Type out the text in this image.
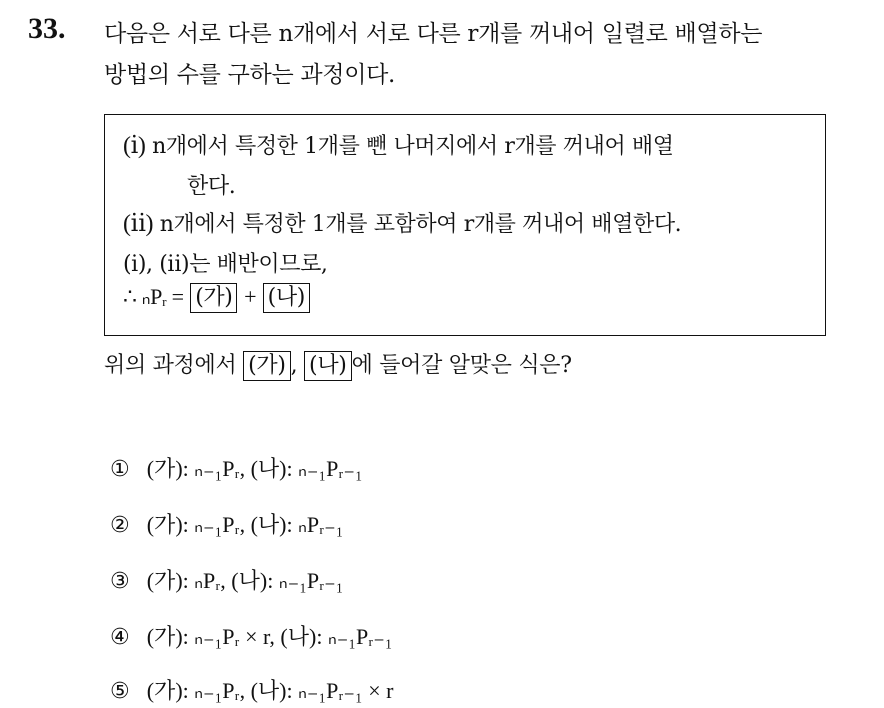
33. 다음은 서로 다른 n개에서 서로 다른 r개를 꺼내어 일렬로 배열하는
방법의 수를 구하는 과정이다.
(ⅰ) n개에서 특정한 1개를 뺀 나머지에서 r개를 꺼내어 배열
한다.
(ⅱ) n개에서 특정한 1개를 포함하여 r개를 꺼내어 배열한다.
(ⅰ), (ⅱ)는 배반이므로,
∴ ₙPᵣ = (가) + (나)
위의 과정에서 (가) , (나) 에 들어갈 알맞은 식은?
① (가): ₙ₋₁Pᵣ, (나): ₙ₋₁Pᵣ₋₁
② (가): ₙ₋₁Pᵣ, (나): ₙPᵣ₋₁
③ (가): ₙPᵣ, (나): ₙ₋₁Pᵣ₋₁
④ (가): ₙ₋₁Pᵣ × r, (나): ₙ₋₁Pᵣ₋₁
⑤ (가): ₙ₋₁Pᵣ, (나): ₙ₋₁Pᵣ₋₁ × r
